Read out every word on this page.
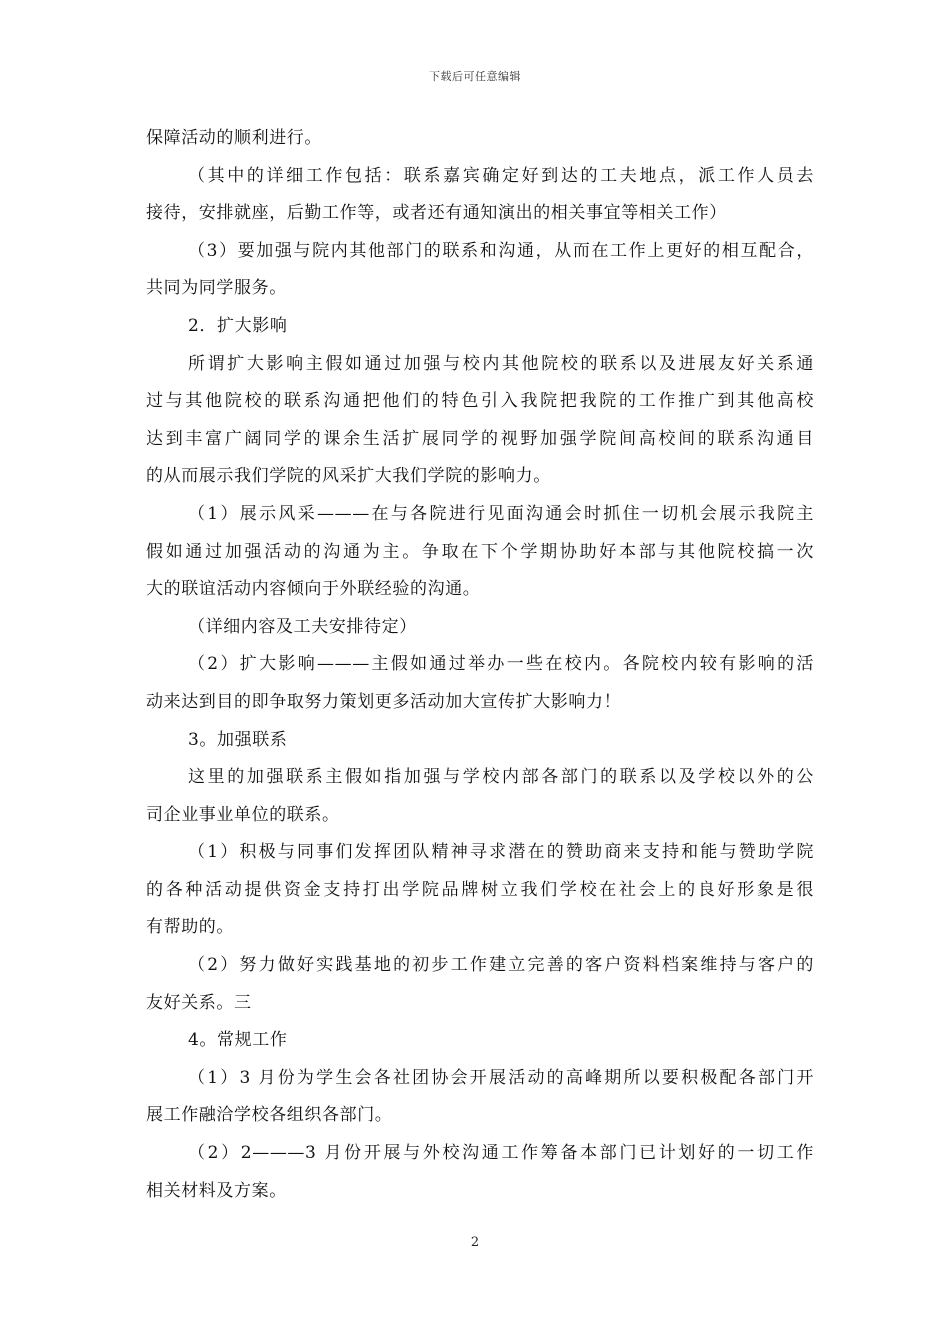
下载后可任意编辑
保障活动的顺利进行。
（其中的详细工作包括：联系嘉宾确定好到达的工夫地点，派工作人员去
接待，安排就座，后勤工作等，或者还有通知演出的相关事宜等相关工作）
（3）要加强与院内其他部门的联系和沟通，从而在工作上更好的相互配合，
共同为同学服务。
2．扩大影响
所谓扩大影响主假如通过加强与校内其他院校的联系以及进展友好关系通
过与其他院校的联系沟通把他们的特色引入我院把我院的工作推广到其他高校
达到丰富广阔同学的课余生活扩展同学的视野加强学院间高校间的联系沟通目
的从而展示我们学院的风采扩大我们学院的影响力。
（1）展示风采———在与各院进行见面沟通会时抓住一切机会展示我院主
假如通过加强活动的沟通为主。争取在下个学期协助好本部与其他院校搞一次
大的联谊活动内容倾向于外联经验的沟通。
（详细内容及工夫安排待定）
（2）扩大影响———主假如通过举办一些在校内。各院校内较有影响的活
动来达到目的即争取努力策划更多活动加大宣传扩大影响力！
3。加强联系
这里的加强联系主假如指加强与学校内部各部门的联系以及学校以外的公
司企业事业单位的联系。
（1）积极与同事们发挥团队精神寻求潜在的赞助商来支持和能与赞助学院
的各种活动提供资金支持打出学院品牌树立我们学校在社会上的良好形象是很
有帮助的。
（2）努力做好实践基地的初步工作建立完善的客户资料档案维持与客户的
友好关系。三
4。常规工作
（1）3 月份为学生会各社团协会开展活动的高峰期所以要积极配各部门开
展工作融洽学校各组织各部门。
（2）2———3 月份开展与外校沟通工作筹备本部门已计划好的一切工作
相关材料及方案。
2
